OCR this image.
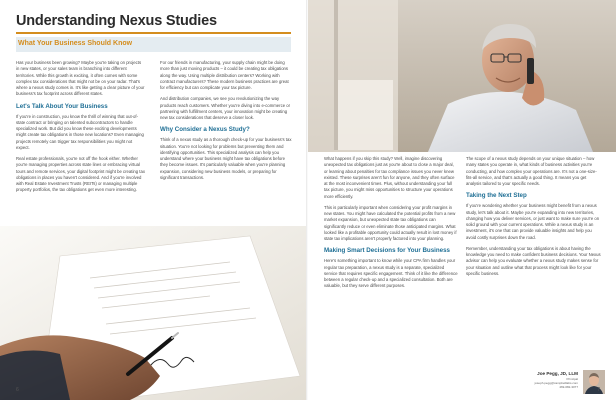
Understanding Nexus Studies
What Your Business Should Know

Has your business been growing? Maybe you're taking on projects in new states, or your sales team is branching into different territories. While this growth is exciting, it often comes with some complex tax considerations that might not be on your radar. That's where a nexus study comes in. It's like getting a clear picture of your business's tax footprint across different states.

Let's Talk About Your Business

If you're in construction, you know the thrill of winning that out-of-state contract or bringing on talented subcontractors to handle specialized work. But did you know these exciting developments might create tax obligations in those new locations? Even managing projects remotely can trigger tax responsibilities you might not expect.

Real estate professionals, you're not off the hook either. Whether you're managing properties across state lines or embracing virtual tours and remote services, your digital footprint might be creating tax obligations in places you haven't considered. And if you're involved with Real Estate Investment Trusts (REITs) or managing multiple property portfolios, the tax obligations get even more interesting.

For our friends in manufacturing, your supply chain might be doing more than just moving products – it could be creating tax obligations along the way. Using multiple distribution centers? Working with contract manufacturers? These modern business practices are great for efficiency but can complicate your tax picture.

And distribution companies, we see you revolutionizing the way products reach customers. Whether you're diving into e-commerce or partnering with fulfillment centers, your innovation might be creating new tax considerations that deserve a closer look.

Why Consider a Nexus Study?

Think of a nexus study as a thorough check-up for your business's tax situation. You're not looking for problems but preventing them and identifying opportunities. This specialized analysis can help you understand where your business might have tax obligations before they become issues. It's particularly valuable when you're planning expansion, considering new business models, or preparing for significant transactions.

6

What happens if you skip this study? Well, imagine discovering unexpected tax obligations just as you're about to close a major deal, or learning about penalties for tax compliance issues you never knew existed. These surprises aren't fun for anyone, and they often surface at the most inconvenient times. Plus, without understanding your full tax picture, you might miss opportunities to structure your operations more efficiently.

This is particularly important when considering your profit margins in new states. You might have calculated the potential profits from a new market expansion, but unexpected state tax obligations can significantly reduce or even eliminate those anticipated margins. What looked like a profitable opportunity could actually result in lost money if state tax implications aren't properly factored into your planning.

Making Smart Decisions for Your Business

Here's something important to know while your CPA firm handles your regular tax preparation, a nexus study is a separate, specialized service that requires specific engagement. Think of it like the difference between a regular check-up and a specialized consultation. Both are valuable, but they serve different purposes.

The scope of a nexus study depends on your unique situation – how many states you operate in, what kinds of business activities you're conducting, and how complex your operations are. It's not a one-size-fits-all service, and that's actually a good thing. It means you get analysis tailored to your specific needs.

Taking the Next Step

If you're wondering whether your business might benefit from a nexus study, let's talk about it. Maybe you're expanding into new territories, changing how you deliver services, or just want to make sure you're on solid ground with your current operations. While a nexus study is an investment, it's one that can provide valuable insights and help you avoid costly surprises down the road.

Remember, understanding your tax obligations is about having the knowledge you need to make confident business decisions. Your Nexus advisor can help you evaluate whether a nexus study makes sense for your situation and outline what that process might look like for your specific business.

Joe Pegg, JD, LLM
Principal
joseph.pegg@campbelllabs.com
469-682-3077
7
